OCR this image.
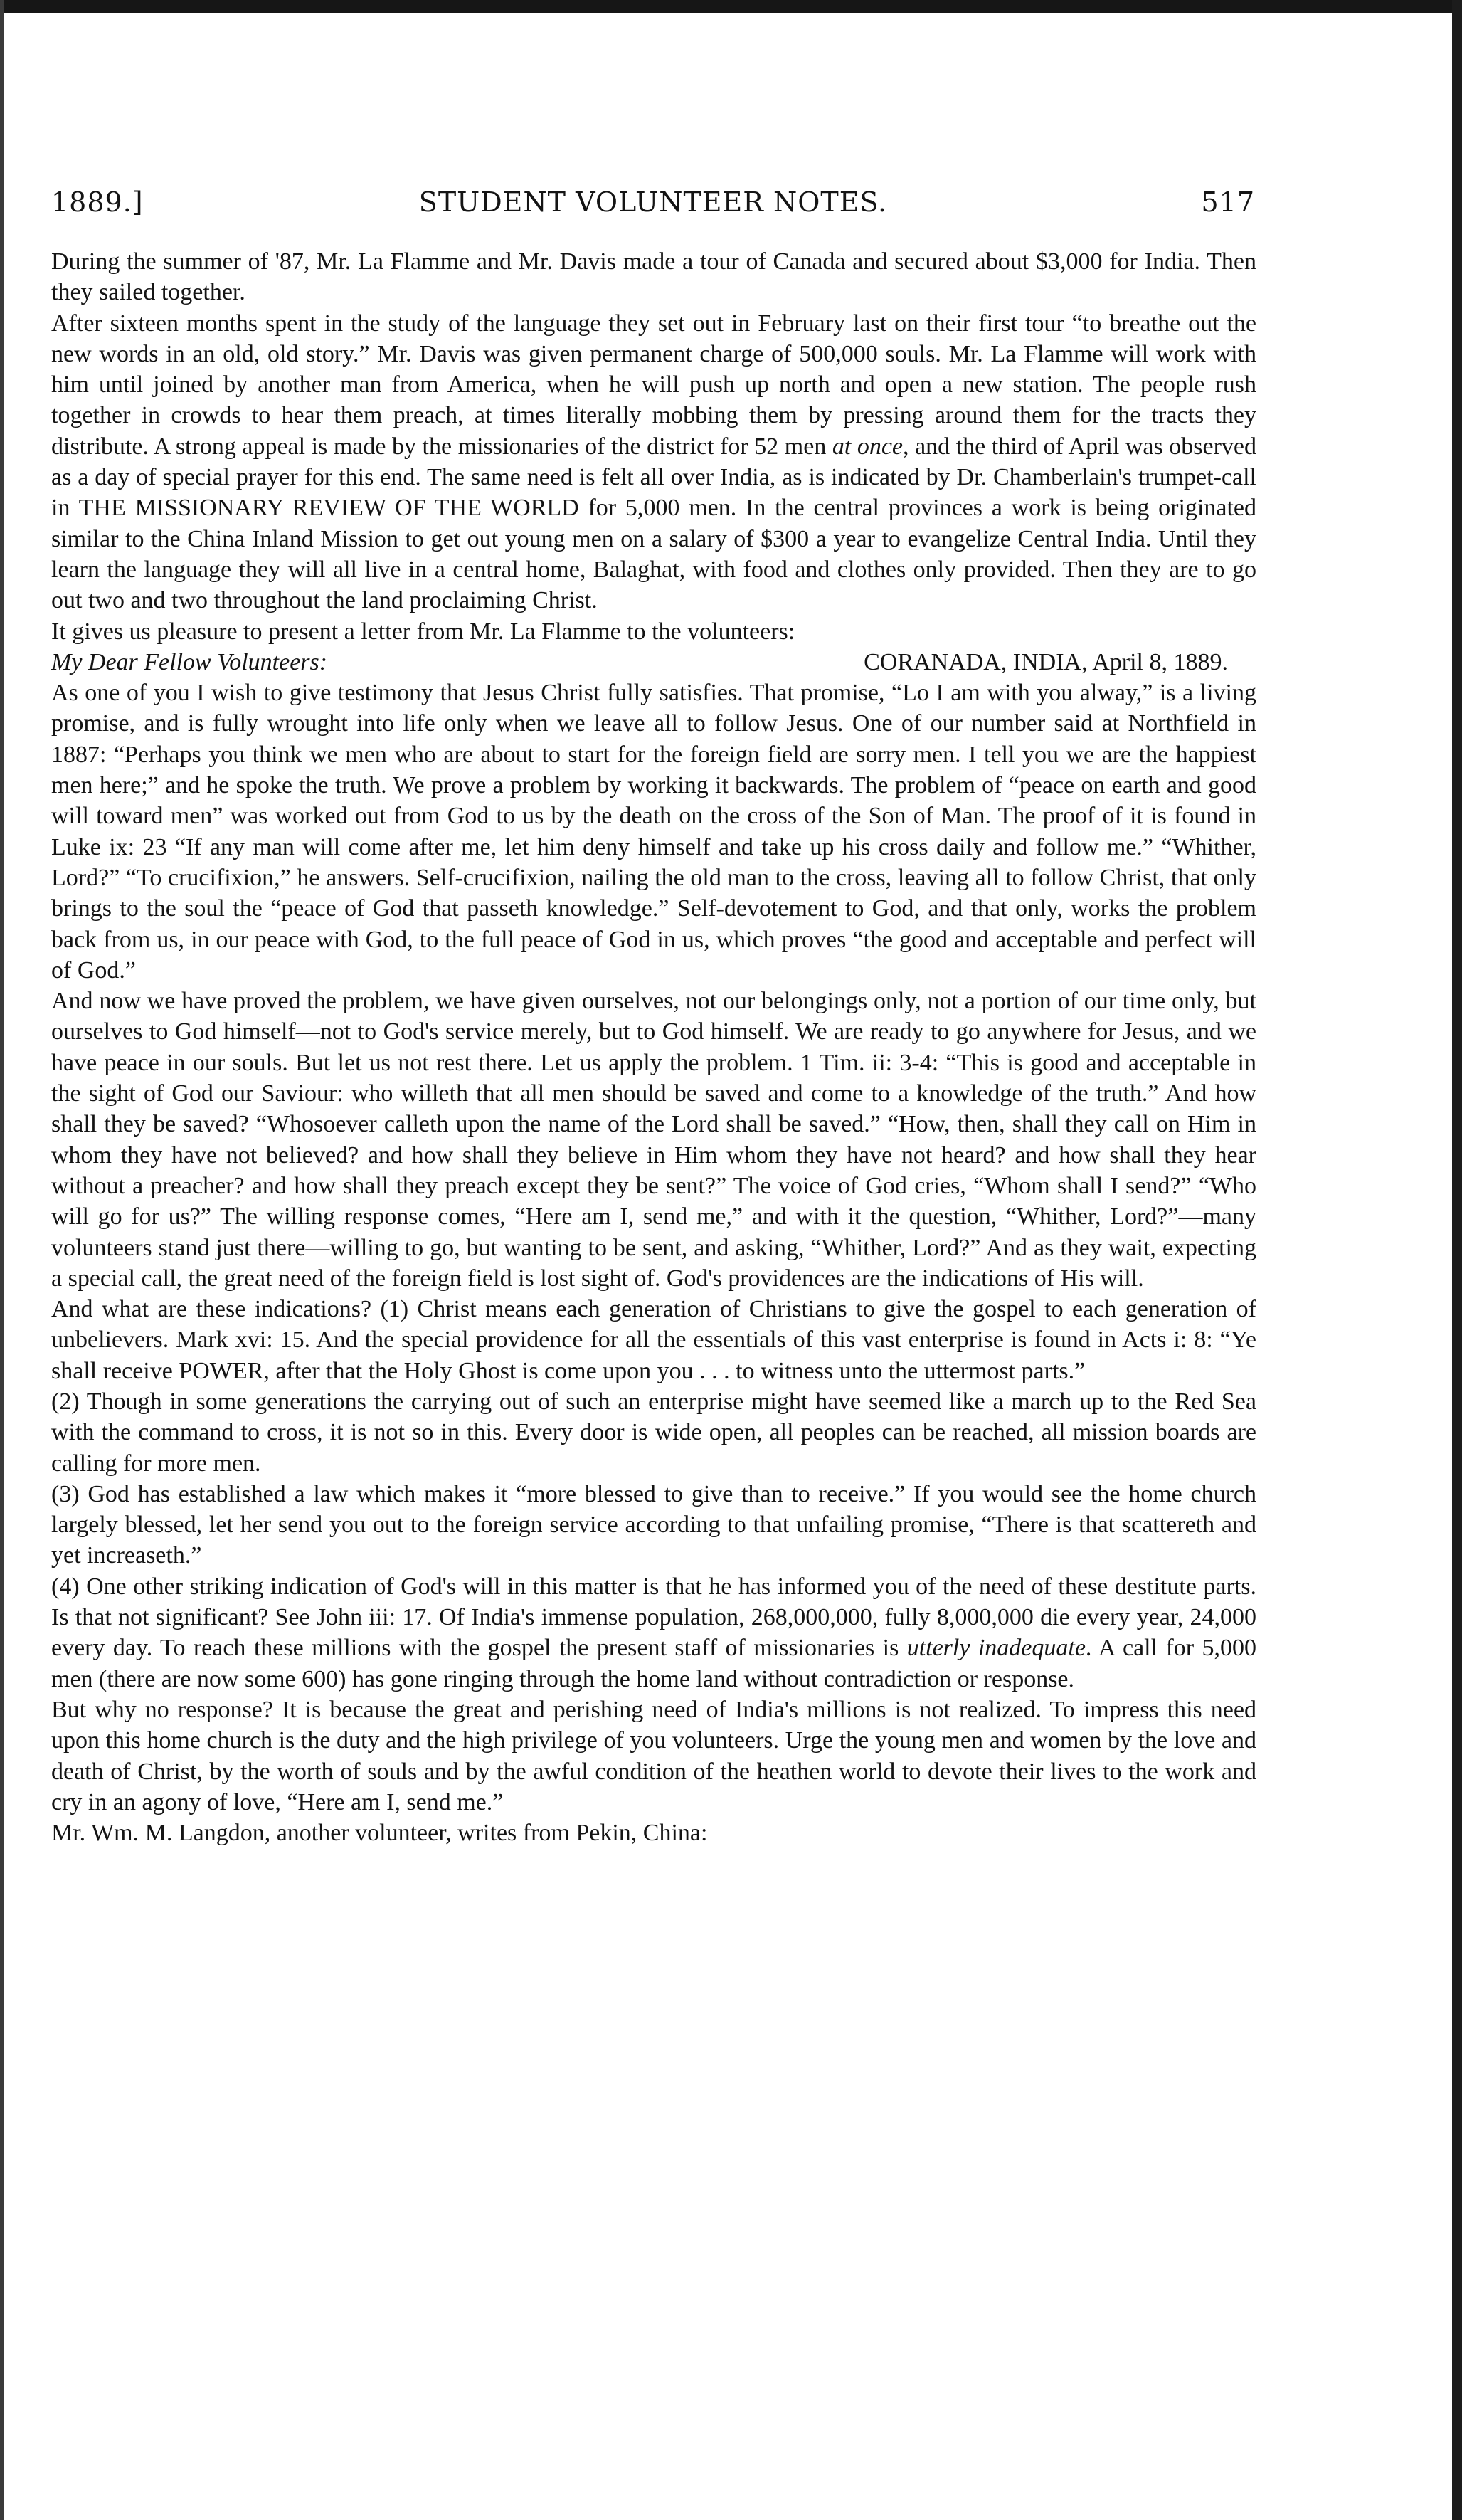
1889.]	STUDENT VOLUNTEER NOTES.	517

During the summer of '87, Mr. La Flamme and Mr. Davis made a tour of Canada and secured about $3,000 for India. Then they sailed together.

After sixteen months spent in the study of the language they set out in February last on their first tour “to breathe out the new words in an old, old story.” Mr. Davis was given permanent charge of 500,000 souls. Mr. La Flamme will work with him until joined by another man from America, when he will push up north and open a new station. The people rush together in crowds to hear them preach, at times literally mobbing them by pressing around them for the tracts they distribute. A strong appeal is made by the missionaries of the district for 52 men at once, and the third of April was observed as a day of special prayer for this end. The same need is felt all over India, as is indicated by Dr. Chamberlain's trumpet-call in THE MISSIONARY REVIEW OF THE WORLD for 5,000 men. In the central provinces a work is being originated similar to the China Inland Mission to get out young men on a salary of $300 a year to evangelize Central India. Until they learn the language they will all live in a central home, Balaghat, with food and clothes only provided. Then they are to go out two and two throughout the land proclaiming Christ.

It gives us pleasure to present a letter from Mr. La Flamme to the volunteers:

My Dear Fellow Volunteers:	CORANADA, INDIA, April 8, 1889.

As one of you I wish to give testimony that Jesus Christ fully satisfies. That promise, “Lo I am with you alway,” is a living promise, and is fully wrought into life only when we leave all to follow Jesus. One of our number said at Northfield in 1887: “Perhaps you think we men who are about to start for the foreign field are sorry men. I tell you we are the happiest men here;” and he spoke the truth. We prove a problem by working it backwards. The problem of “peace on earth and good will toward men” was worked out from God to us by the death on the cross of the Son of Man. The proof of it is found in Luke ix: 23 “If any man will come after me, let him deny himself and take up his cross daily and follow me.” “Whither, Lord?” “To crucifixion,” he answers. Self-crucifixion, nailing the old man to the cross, leaving all to follow Christ, that only brings to the soul the “peace of God that passeth knowledge.” Self-devotement to God, and that only, works the problem back from us, in our peace with God, to the full peace of God in us, which proves “the good and acceptable and perfect will of God.”

And now we have proved the problem, we have given ourselves, not our belongings only, not a portion of our time only, but ourselves to God himself—not to God's service merely, but to God himself. We are ready to go anywhere for Jesus, and we have peace in our souls. But let us not rest there. Let us apply the problem. 1 Tim. ii: 3-4: “This is good and acceptable in the sight of God our Saviour: who willeth that all men should be saved and come to a knowledge of the truth.” And how shall they be saved? “Whosoever calleth upon the name of the Lord shall be saved.” “How, then, shall they call on Him in whom they have not believed? and how shall they believe in Him whom they have not heard? and how shall they hear without a preacher? and how shall they preach except they be sent?” The voice of God cries, “Whom shall I send?” “Who will go for us?” The willing response comes, “Here am I, send me,” and with it the question, “Whither, Lord?”—many volunteers stand just there—willing to go, but wanting to be sent, and asking, “Whither, Lord?” And as they wait, expecting a special call, the great need of the foreign field is lost sight of. God's providences are the indications of His will.

And what are these indications? (1) Christ means each generation of Christians to give the gospel to each generation of unbelievers. Mark xvi: 15. And the special providence for all the essentials of this vast enterprise is found in Acts i: 8: “Ye shall receive POWER, after that the Holy Ghost is come upon you . . . to witness unto the uttermost parts.”

(2) Though in some generations the carrying out of such an enterprise might have seemed like a march up to the Red Sea with the command to cross, it is not so in this. Every door is wide open, all peoples can be reached, all mission boards are calling for more men.

(3) God has established a law which makes it “more blessed to give than to receive.” If you would see the home church largely blessed, let her send you out to the foreign service according to that unfailing promise, “There is that scattereth and yet increaseth.”

(4) One other striking indication of God's will in this matter is that he has informed you of the need of these destitute parts. Is that not significant? See John iii: 17. Of India's immense population, 268,000,000, fully 8,000,000 die every year, 24,000 every day. To reach these millions with the gospel the present staff of missionaries is utterly inadequate. A call for 5,000 men (there are now some 600) has gone ringing through the home land without contradiction or response.

But why no response? It is because the great and perishing need of India's millions is not realized. To impress this need upon this home church is the duty and the high privilege of you volunteers. Urge the young men and women by the love and death of Christ, by the worth of souls and by the awful condition of the heathen world to devote their lives to the work and cry in an agony of love, “Here am I, send me.”

Mr. Wm. M. Langdon, another volunteer, writes from Pekin, China:
